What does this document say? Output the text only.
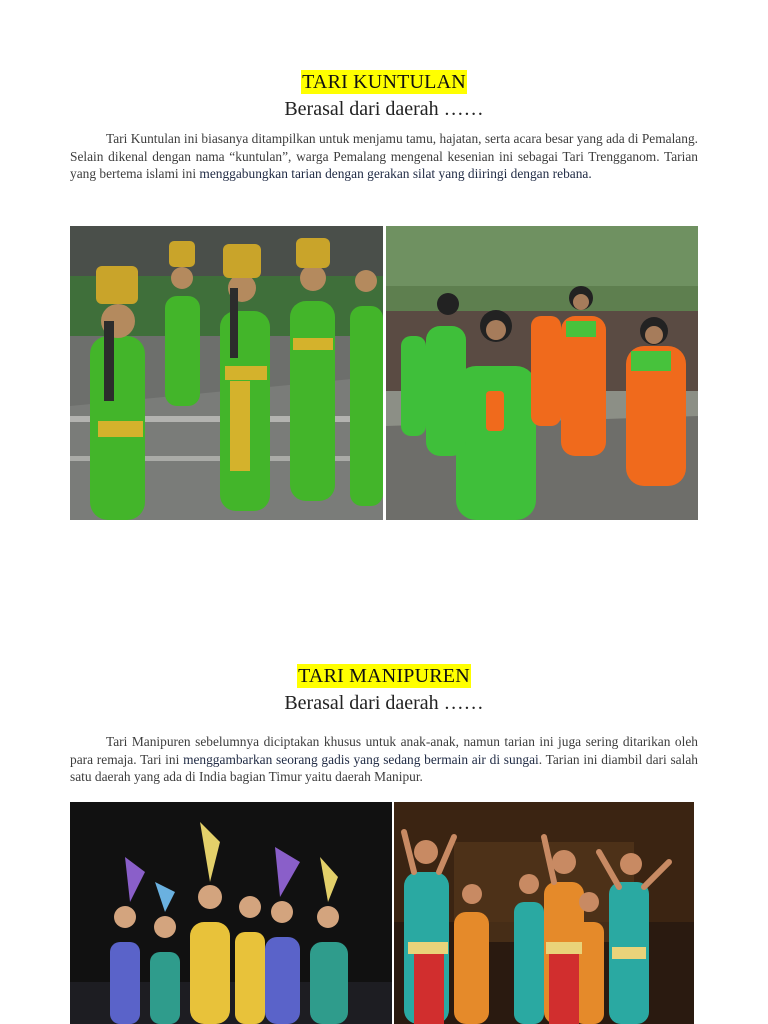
TARI KUNTULAN
Berasal dari daerah ……
Tari Kuntulan ini biasanya ditampilkan untuk menjamu tamu, hajatan, serta acara besar yang ada di Pemalang. Selain dikenal dengan nama “kuntulan”, warga Pemalang mengenal kesenian ini sebagai Tari Trengganom. Tarian yang bertema islami ini menggabungkan tarian dengan gerakan silat yang diiringi dengan rebana.
TARI MANIPUREN
Berasal dari daerah ……
Tari Manipuren sebelumnya diciptakan khusus untuk anak-anak, namun tarian ini juga sering ditarikan oleh para remaja. Tari ini menggambarkan seorang gadis yang sedang bermain air di sungai. Tarian ini diambil dari salah satu daerah yang ada di India bagian Timur yaitu daerah Manipur.
